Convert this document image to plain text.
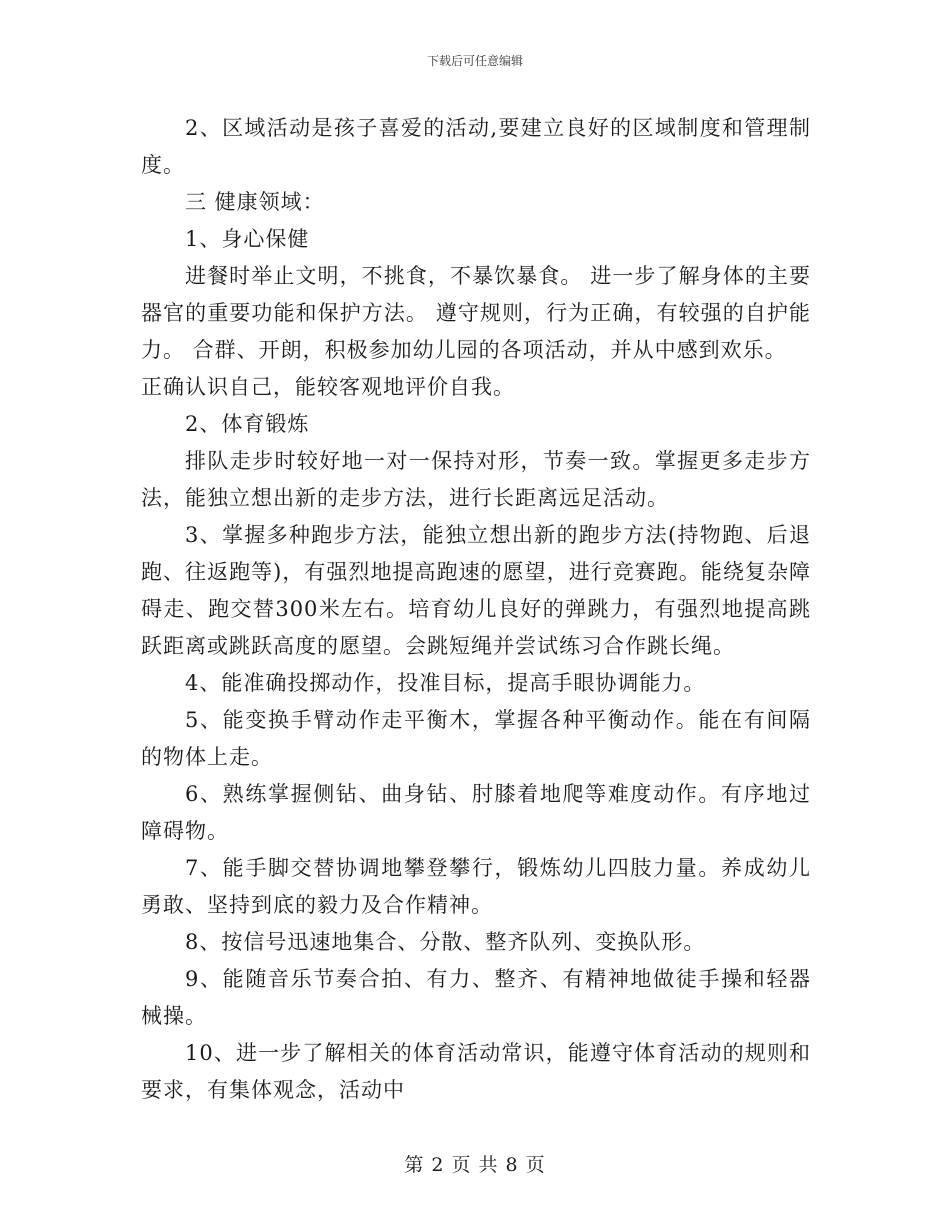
下载后可任意编辑

2、区域活动是孩子喜爱的活动,要建立良好的区域制度和管理制度。

三 健康领域：

1、身心保健

进餐时举止文明，不挑食，不暴饮暴食。 进一步了解身体的主要器官的重要功能和保护方法。 遵守规则，行为正确，有较强的自护能力。 合群、开朗，积极参加幼儿园的各项活动，并从中感到欢乐。

正确认识自己，能较客观地评价自我。

2、体育锻炼

排队走步时较好地一对一保持对形，节奏一致。掌握更多走步方法，能独立想出新的走步方法，进行长距离远足活动。

3、掌握多种跑步方法，能独立想出新的跑步方法(持物跑、后退跑、往返跑等)，有强烈地提高跑速的愿望，进行竞赛跑。能绕复杂障碍走、跑交替300米左右。培育幼儿良好的弹跳力，有强烈地提高跳跃距离或跳跃高度的愿望。会跳短绳并尝试练习合作跳长绳。

4、能准确投掷动作，投准目标，提高手眼协调能力。

5、能变换手臂动作走平衡木，掌握各种平衡动作。能在有间隔的物体上走。

6、熟练掌握侧钻、曲身钻、肘膝着地爬等难度动作。有序地过障碍物。

7、能手脚交替协调地攀登攀行，锻炼幼儿四肢力量。养成幼儿勇敢、坚持到底的毅力及合作精神。

8、按信号迅速地集合、分散、整齐队列、变换队形。

9、能随音乐节奏合拍、有力、整齐、有精神地做徒手操和轻器械操。

10、进一步了解相关的体育活动常识，能遵守体育活动的规则和要求，有集体观念，活动中

第 2 页 共 8 页
